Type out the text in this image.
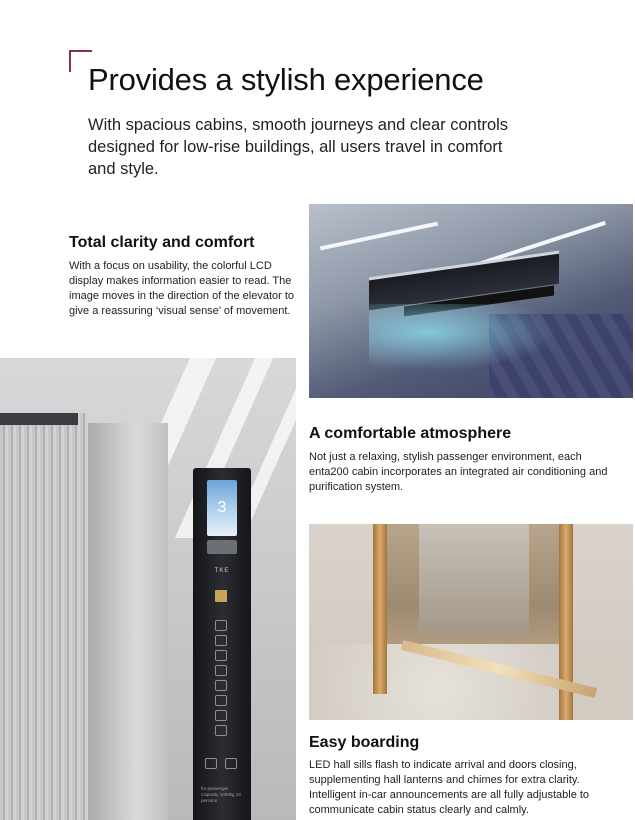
Provides a stylish experience

With spacious cabins, smooth journeys and clear controls designed for low-rise buildings, all users travel in comfort and style.

Total clarity and comfort

With a focus on usability, the colorful LCD display makes information easier to read. The image moves in the direction of the elevator to give a reassuring ‘visual sense’ of movement.

A comfortable atmosphere

Not just a relaxing, stylish passenger environment, each enta200 cabin incorporates an integrated air conditioning and purification system.

3
TKE
for passenger Capacity 1000kg 13 persons
Easy boarding

LED hall sills flash to indicate arrival and doors closing, supplementing hall lanterns and chimes for extra clarity. Intelligent in-car announcements are all fully adjustable to communicate cabin status clearly and calmly.
